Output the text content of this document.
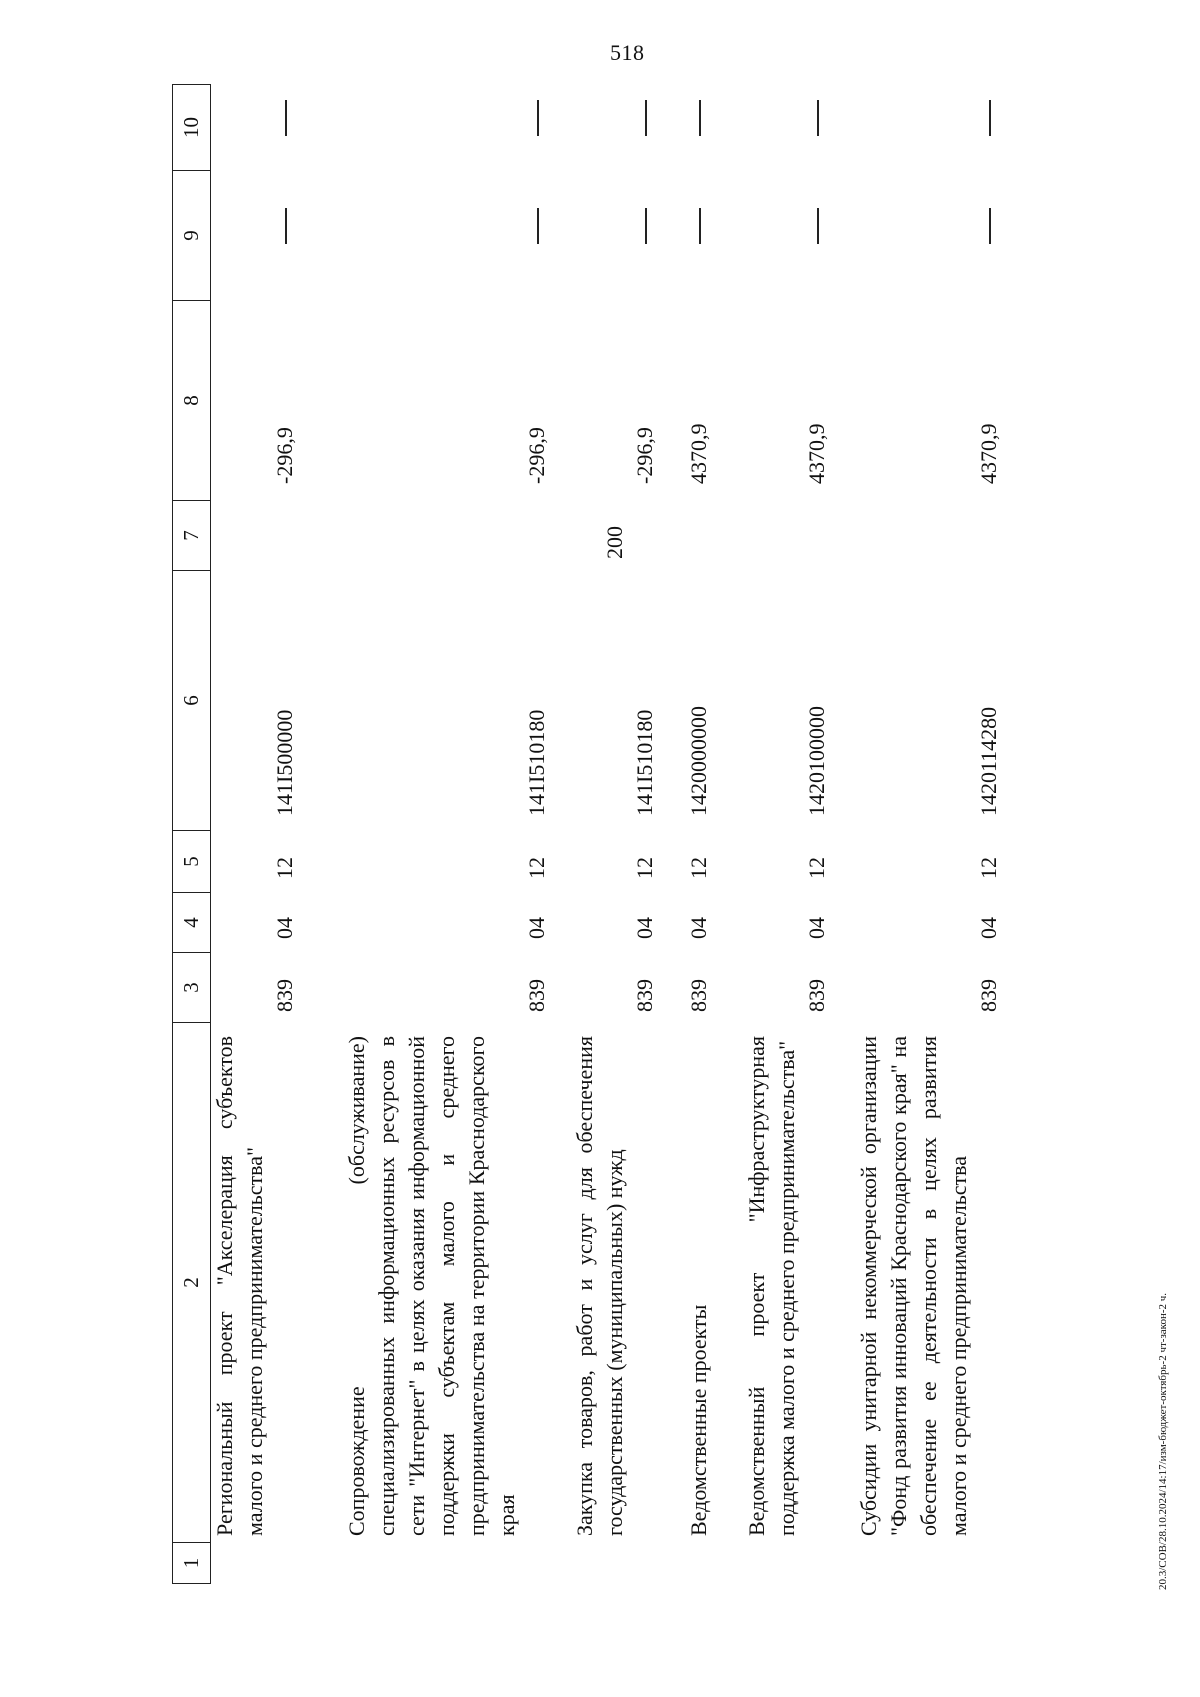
518
20.3/СОВ/28.10.2024/14:17/изм-бюджет-октябрь-2 чт-закон-2 ч.
1
2
3
4
5
6
7
8
9
10
Региональный проект "Акселерация субъектов малого и среднего предпринимательства"
839
04
12
141I500000
-296,9
Сопровождение (обслуживание) специализированных информационных ресурсов в сети "Интернет" в целях оказания информационной поддержки субъектам малого и среднего предпринимательства на территории Краснодарского края
839
04
12
141I510180
-296,9
Закупка товаров, работ и услуг для обеспечения государственных (муниципальных) нужд
839
04
12
141I510180
200
-296,9
Ведомственные проекты
839
04
12
1420000000
4370,9
Ведомственный проект "Инфраструктурная поддержка малого и среднего предпринимательства"
839
04
12
1420100000
4370,9
Субсидии унитарной некоммерческой организации "Фонд развития инноваций Краснодарского края" на обеспечение ее деятельности в целях развития малого и среднего предпринимательства
839
04
12
1420114280
4370,9
